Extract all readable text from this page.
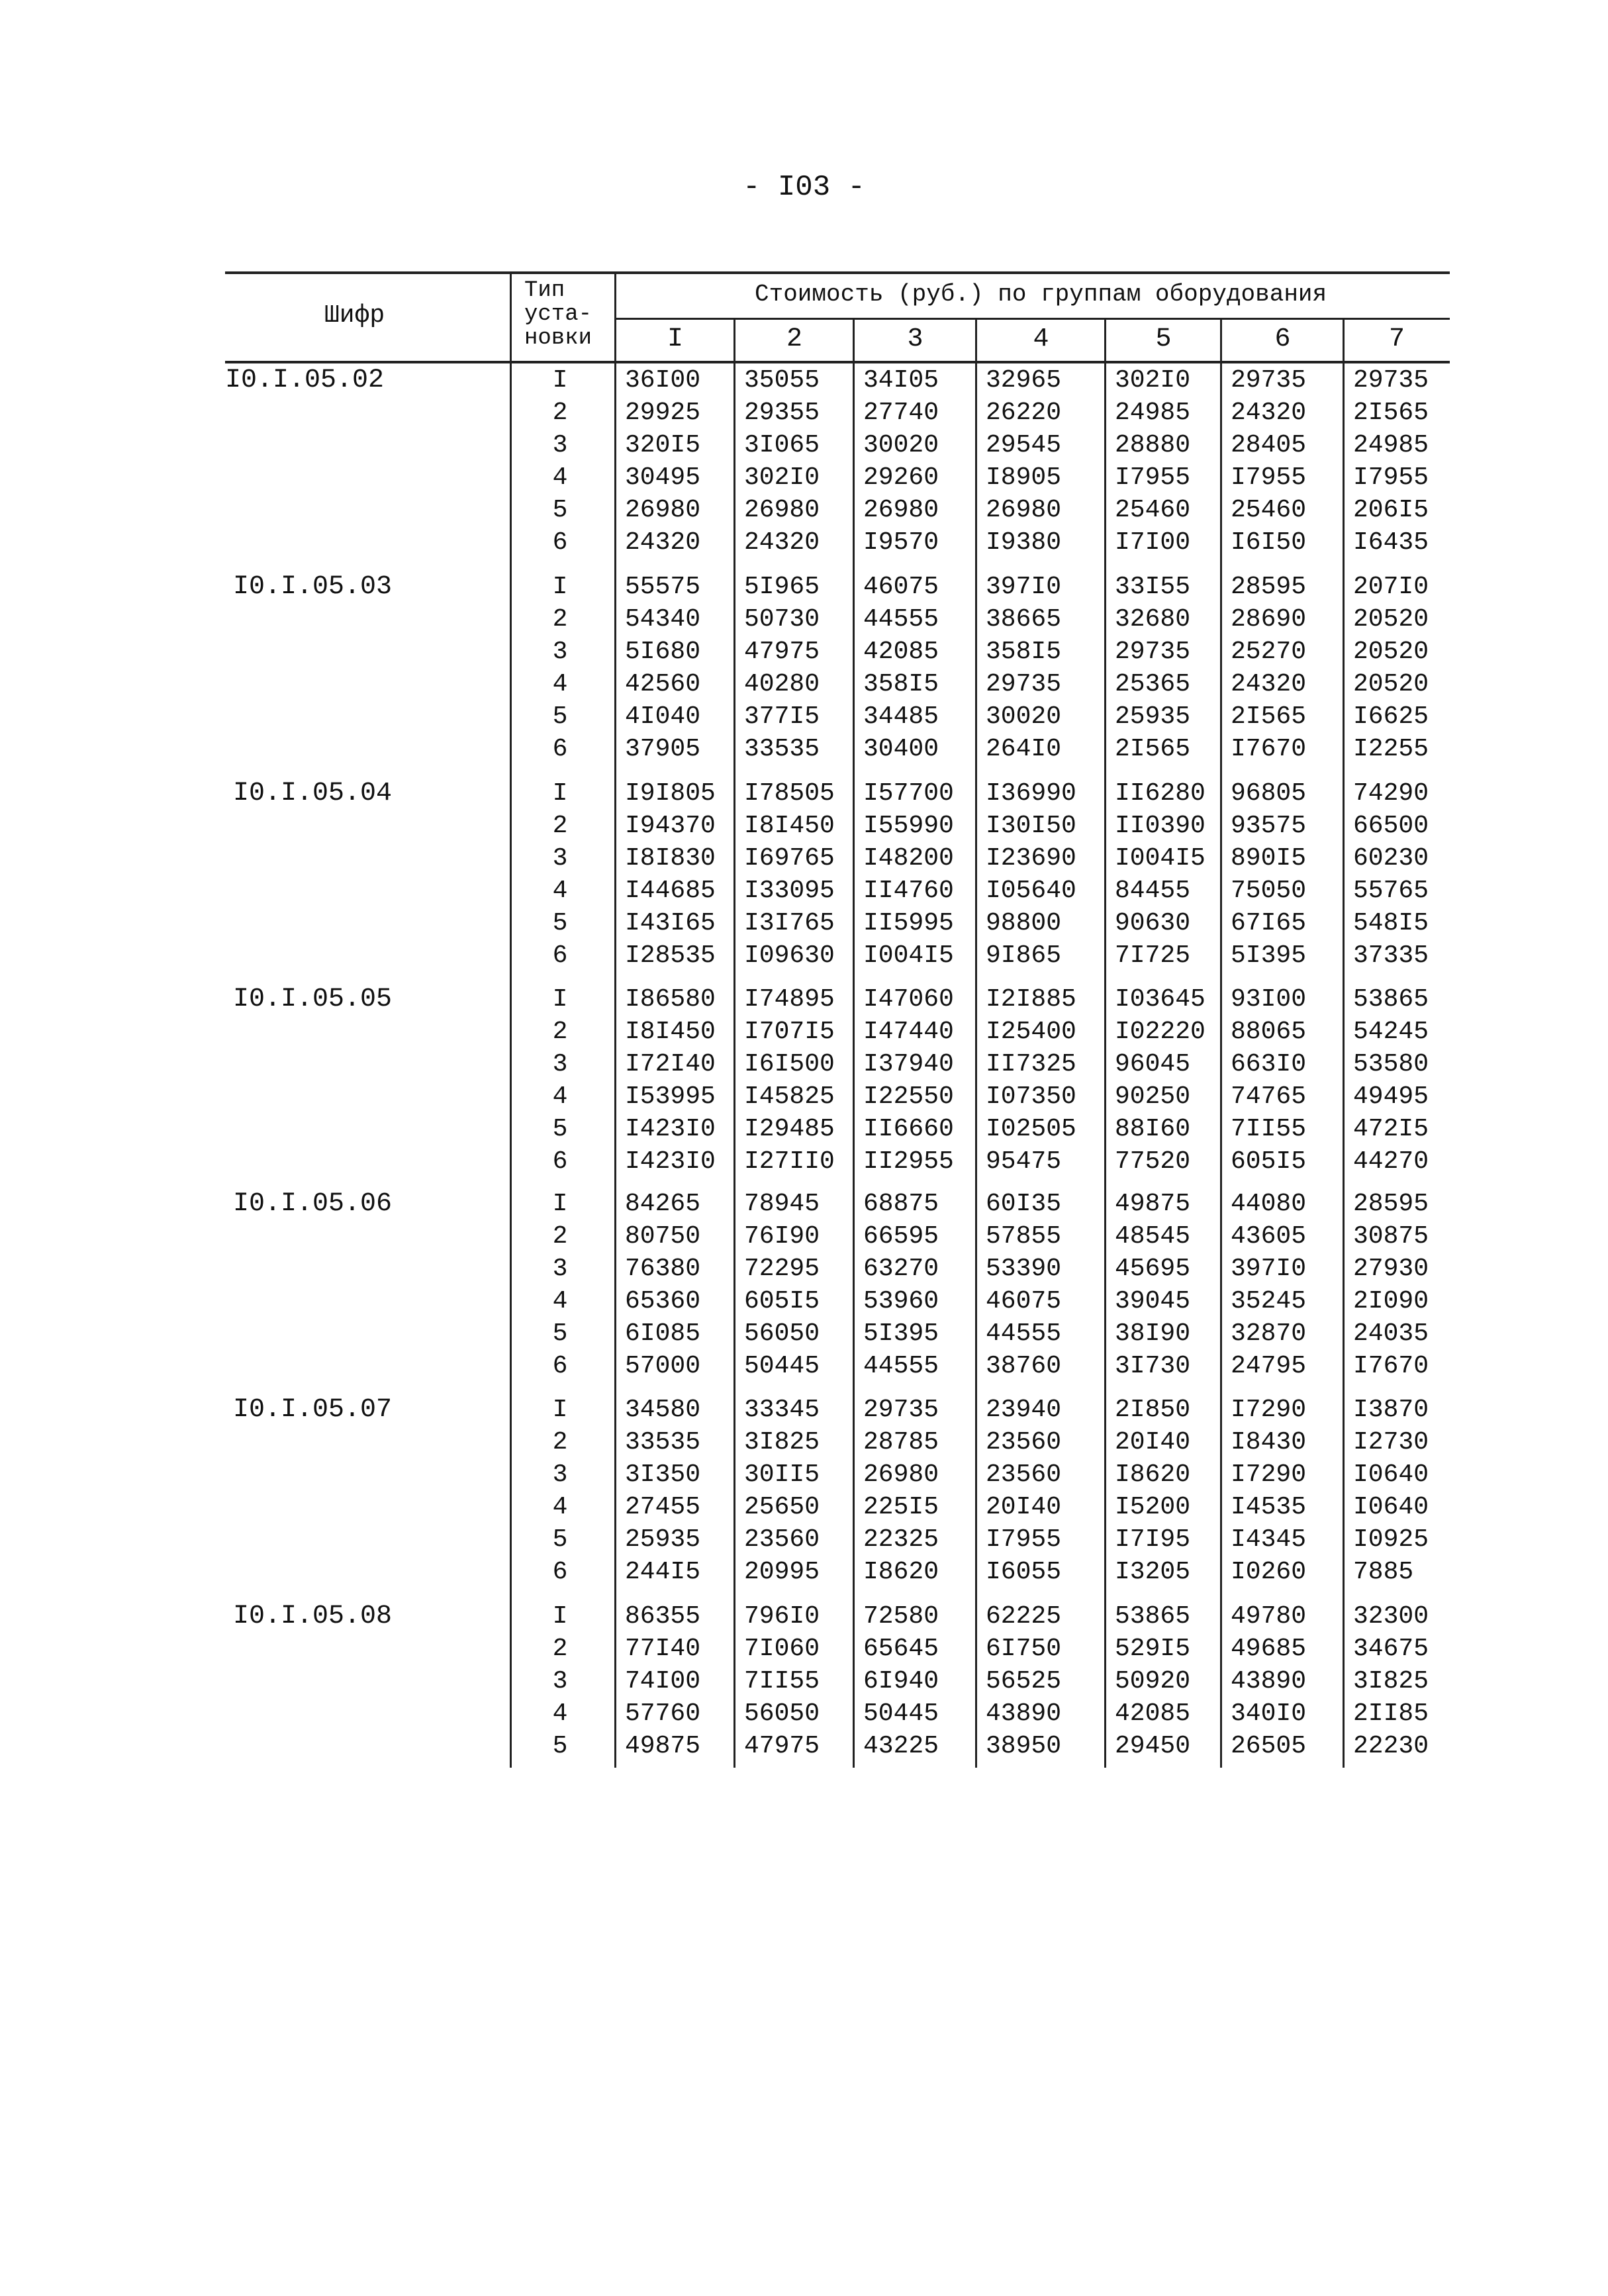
- I03 -
Шифр
Тип
уста-
новки
Стоимость (руб.) по группам оборудования
I	2	3	4	5	6	7
I0.I.05.02	I	36I00 35055 34I05 32965 302I0 29735 29735
2	29925 29355 27740 26220 24985 24320 2I565
3	320I5 3I065 30020 29545 28880 28405 24985
4	30495 302I0 29260 I8905 I7955 I7955 I7955
5	26980 26980 26980 26980 25460 25460 206I5
6	24320 24320 I9570 I9380 I7I00 I6I50 I6435
I0.I.05.03	I	55575 5I965 46075 397I0 33I55 28595 207I0
2	54340 50730 44555 38665 32680 28690 20520
3	5I680 47975 42085 358I5 29735 25270 20520
4	42560 40280 358I5 29735 25365 24320 20520
5	4I040 377I5 34485 30020 25935 2I565 I6625
6	37905 33535 30400 264I0 2I565 I7670 I2255
I0.I.05.04	I	I9I805 I78505 I57700 I36990 II6280 96805 74290
2	I94370 I8I450 I55990 I30I50 II0390 93575 66500
3	I8I830 I69765 I48200 I23690 I004I5 890I5 60230
4	I44685 I33095 II4760 I05640 84455 75050 55765
5	I43I65 I3I765 II5995 98800 90630 67I65 548I5
6	I28535 I09630 I004I5 9I865 7I725 5I395 37335
I0.I.05.05	I	I86580 I74895 I47060 I2I885 I03645 93I00 53865
2	I8I450 I707I5 I47440 I25400 I02220 88065 54245
3	I72I40 I6I500 I37940 II7325 96045 663I0 53580
4	I53995 I45825 I22550 I07350 90250 74765 49495
5	I423I0 I29485 II6660 I02505 88I60 7II55 472I5
6	I423I0 I27II0 II2955 95475 77520 605I5 44270
I0.I.05.06	I	84265 78945 68875 60I35 49875 44080 28595
2	80750 76I90 66595 57855 48545 43605 30875
3	76380 72295 63270 53390 45695 397I0 27930
4	65360 605I5 53960 46075 39045 35245 2I090
5	6I085 56050 5I395 44555 38I90 32870 24035
6	57000 50445 44555 38760 3I730 24795 I7670
I0.I.05.07	I	34580 33345 29735 23940 2I850 I7290 I3870
2	33535 3I825 28785 23560 20I40 I8430 I2730
3	3I350 30II5 26980 23560 I8620 I7290 I0640
4	27455 25650 225I5 20I40 I5200 I4535 I0640
5	25935 23560 22325 I7955 I7I95 I4345 I0925
6	244I5 20995 I8620 I6055 I3205 I0260 7885
I0.I.05.08	I	86355 796I0 72580 62225 53865 49780 32300
2	77I40 7I060 65645 6I750 529I5 49685 34675
3	74I00 7II55 6I940 56525 50920 43890 3I825
4	57760 56050 50445 43890 42085 340I0 2II85
5	49875 47975 43225 38950 29450 26505 22230
